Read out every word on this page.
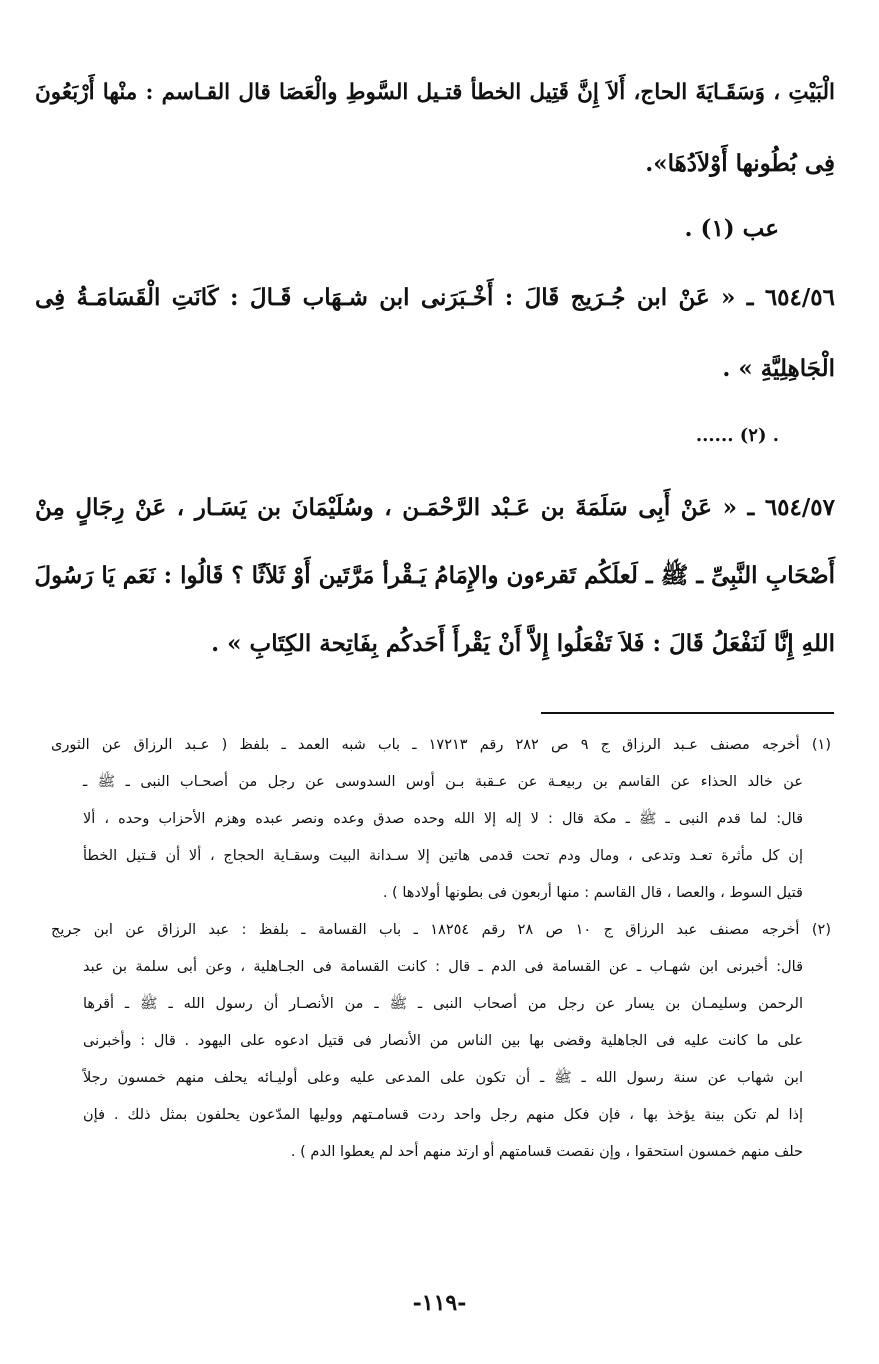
الْبَيْتِ ، وَسَقَـايَةَ الحاج، أَلاَ إِنَّ قَتِيل الخطأ قتـيل السَّوطِ والْعَصَا قال القـاسم : منْها أَرْبَعُونَ
فِى بُطُونها أَوْلاَدُهَا».
عب (١) .
٦٥٤/٥٦ ـ « عَنْ ابن جُـرَيج قَالَ : أَخْـبَرَنى ابن شـهَاب قَـالَ : كَانَتِ الْقَسَامَـةُ فِى
الْجَاهِلِيَّةِ » .
...... (٢) .
٦٥٤/٥٧ ـ « عَنْ أَبِى سَلَمَةَ بن عَـبْد الرَّحْمَـن ، وسُلَيْمَانَ بن يَسَـار ، عَنْ رِجَالٍ مِنْ
أَصْحَابِ النَّبِىِّ ـ ﷺ ـ لَعلَكُم تَقرءون والإِمَامُ يَـقْرأ مَرَّتَين أَوْ ثَلاَثًا ؟ قَالُوا : نَعَم يَا رَسُولَ
اللهِ إِنَّا لَنَفْعَلُ قَالَ : فَلاَ تَفْعَلُوا إِلاَّ أَنْ يَقْرأَ أَحَدكُم بِفَاتِحة الكِتَابِ » .
(١) أخرجه مصنف عـبد الرزاق ج ٩ ص ٢٨٢ رقم ١٧٢١٣ ـ باب شبه العمد ـ بلفظ ( عـبد الرزاق عن الثورى
عن خالد الحذاء عن القاسم بن ربيعـة عن عـقبة بـن أوس السدوسى عن رجل من أصحـاب النبى ـ ﷺ ـ
قال: لما قدم النبى ـ ﷺ ـ مكة قال : لا إله إلا الله وحده صدق وعده ونصر عبده وهزم الأحزاب وحده ، ألا
إن كل مأثرة تعـد وتدعى ، ومال ودم تحت قدمى هاتين إلا سـدانة البيت وسقـاية الحجاج ، ألا أن قـتيل الخطأ
قتيل السوط ، والعصا ، قال القاسم : منها أربعون فى بطونها أولادها ) .
(٢) أخرجه مصنف عبد الرزاق ج ١٠ ص ٢٨ رقم ١٨٢٥٤ ـ باب القسامة ـ بلفظ : عبد الرزاق عن ابن جريج
قال: أخبرنى ابن شهـاب ـ عن القسامة فى الدم ـ قال : كانت القسامة فى الجـاهلية ، وعن أبى سلمة بن عبد
الرحمن وسليمـان بن يسار عن رجل من أصحاب النبى ـ ﷺ ـ من الأنصـار أن رسول الله ـ ﷺ ـ أقرها
على ما كانت عليه فى الجاهلية وقضى بها بين الناس من الأنصار فى قتيل ادعوه على اليهود . قال : وأخبرنى
ابن شهاب عن سنة رسول الله ـ ﷺ ـ أن تكون على المدعى عليه وعلى أوليـائه يحلف منهم خمسون رجلاً
إذا لم تكن بينة يؤخذ بها ، فإن فكل منهم رجل واحد ردت قسامـتهم ووليها المدّعون يحلفون بمثل ذلك . فإن
حلف منهم خمسون استحقوا ، وإن نقصت قسامتهم أو ارتد منهم أحد لم يعطوا الدم ) .
-١١٩-
